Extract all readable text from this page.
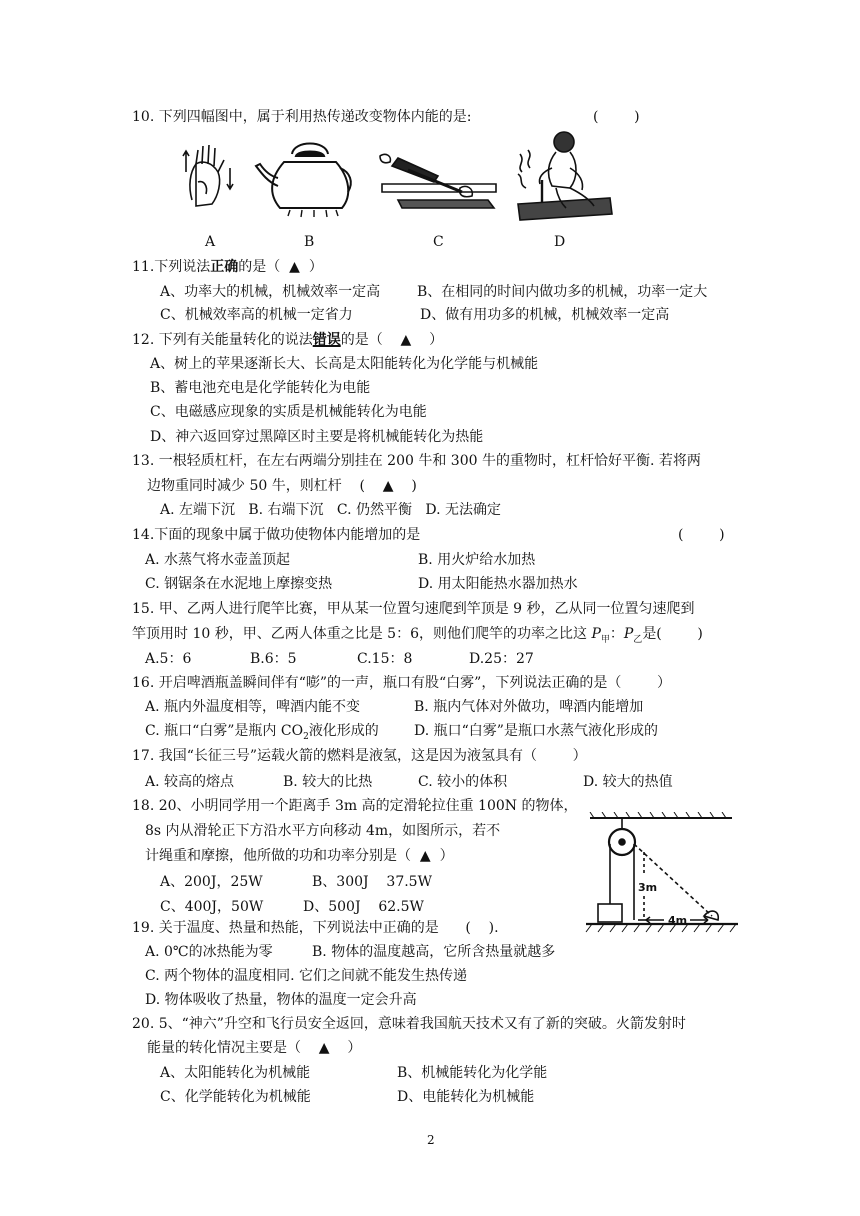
10. 下列四幅图中，属于利用热传递改变物体内能的是:	(        )
A	B	C	D
11.下列说法正确的是（  ▲  ）
A、功率大的机械，机械效率一定高	B、在相同的时间内做功多的机械，功率一定大
C、机械效率高的机械一定省力	D、做有用功多的机械，机械效率一定高
12. 下列有关能量转化的说法错误的是（    ▲    ）
A、树上的苹果逐渐长大、长高是太阳能转化为化学能与机械能
B、蓄电池充电是化学能转化为电能
C、电磁感应现象的实质是机械能转化为电能
D、神六返回穿过黑障区时主要是将机械能转化为热能
13. 一根轻质杠杆，在左右两端分别挂在 200 牛和 300 牛的重物时，杠杆恰好平衡. 若将两
边物重同时减少 50 牛，则杠杆    (    ▲    )
A. 左端下沉   B. 右端下沉   C. 仍然平衡   D. 无法确定
14.下面的现象中属于做功使物体内能增加的是	(        )
A. 水蒸气将水壶盖顶起	B. 用火炉给水加热
C. 钢锯条在水泥地上摩擦变热	D. 用太阳能热水器加热水
15. 甲、乙两人进行爬竿比赛，甲从某一位置匀速爬到竿顶是 9 秒，乙从同一位置匀速爬到
竿顶用时 10 秒，甲、乙两人体重之比是 5：6，则他们爬竿的功率之比这 $P_甲$：$P_乙$是(        )
A.5：6	B.6：5	C.15：8	D.25：27
16. 开启啤酒瓶盖瞬间伴有“嘭”的一声，瓶口有股“白雾”，下列说法正确的是（        ）
A. 瓶内外温度相等，啤酒内能不变	B. 瓶内气体对外做功，啤酒内能增加
C. 瓶口“白雾”是瓶内 $CO_2$液化形成的	D. 瓶口“白雾”是瓶口水蒸气液化形成的
17. 我国“长征三号”运载火箭的燃料是液氢，这是因为液氢具有（        ）
A. 较高的熔点	B. 较大的比热	C. 较小的体积	D. 较大的热值
18. 20、小明同学用一个距离手 3m 高的定滑轮拉住重 100N 的物体，
8s 内从滑轮正下方沿水平方向移动 4m，如图所示，若不
计绳重和摩擦，他所做的功和功率分别是（  ▲  ）
A、200J，25W	B、300J    37.5W
C、400J，50W	D、500J    62.5W
3m
4m
19. 关于温度、热量和热能，下列说法中正确的是      (    ).
A. 0℃的冰热能为零	B. 物体的温度越高，它所含热量就越多
C. 两个物体的温度相同. 它们之间就不能发生热传递
D. 物体吸收了热量，物体的温度一定会升高
20. 5、“神六”升空和飞行员安全返回，意味着我国航天技术又有了新的突破。火箭发射时
能量的转化情况主要是（    ▲    ）
A、太阳能转化为机械能	B、机械能转化为化学能
C、化学能转化为机械能	D、电能转化为机械能
2
